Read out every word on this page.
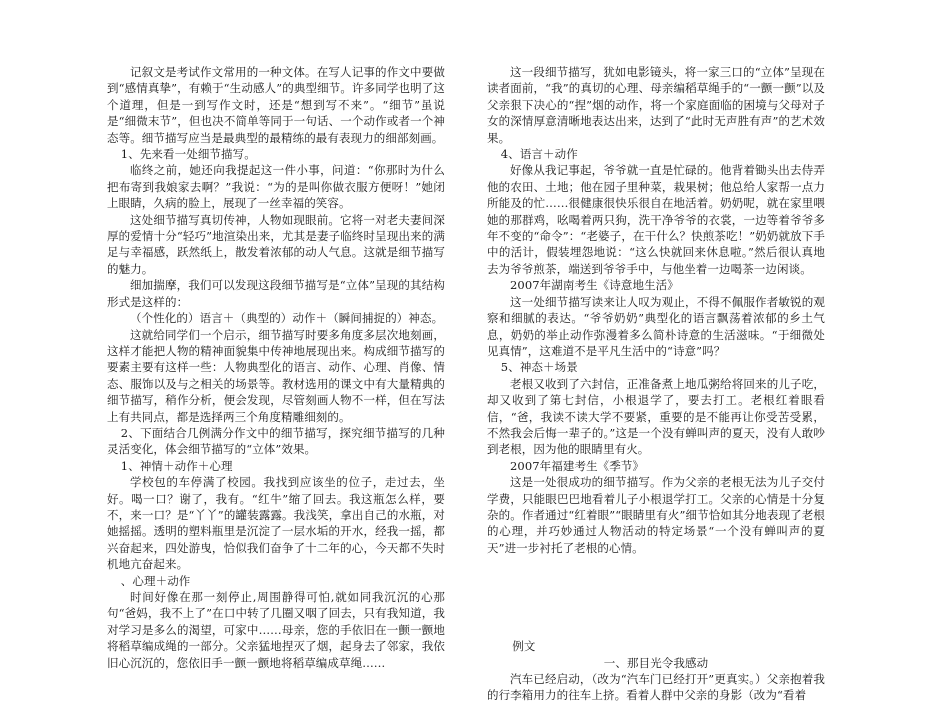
记叙文是考试作文常用的一种文体。在写人记事的作文中要做到“感情真挚”，有赖于“生动感人”的典型细节。许多同学也明了这个道理，但是一到写作文时，还是“想到写不来”。“细节”虽说是“细微末节”，但也决不简单等同于一句话、一个动作或者一个神态等。细节描写应当是最典型的最精练的最有表现力的细部刻画。

1、先来看一处细节描写。

临终之前，她还向我提起这一件小事，问道：“你那时为什么把布寄到我娘家去啊？”我说：“为的是叫你做衣服方便呀！”她闭上眼睛，久病的脸上，展现了一丝幸福的笑容。

这处细节描写真切传神，人物如现眼前。它将一对老夫妻间深厚的爱情十分“轻巧”地渲染出来，尤其是妻子临终时呈现出来的满足与幸福感，跃然纸上，散发着浓郁的动人气息。这就是细节描写的魅力。

细加揣摩，我们可以发现这段细节描写是“立体”呈现的其结构形式是这样的：

（个性化的）语言＋（典型的）动作＋（瞬间捕捉的）神态。

这就给同学们一个启示，细节描写时要多角度多层次地刻画，这样才能把人物的精神面貌集中传神地展现出来。构成细节描写的要素主要有这样一些：人物典型化的语言、动作、心理、肖像、情态、服饰以及与之相关的场景等。教材选用的课文中有大量精典的细节描写，稍作分析，便会发现，尽管刻画人物不一样，但在写法上有共同点，都是选择两三个角度精雕细刻的。

2、下面结合几例满分作文中的细节描写，探究细节描写的几种灵活变化，体会细节描写的“立体”效果。

1、神情＋动作＋心理

学校包的车停满了校园。我找到应该坐的位子，走过去，坐好。喝一口？谢了，我有。“红牛”缩了回去。我这瓶怎么样，要不，来一口？是“丫丫”的罐装露露。我浅笑，拿出自己的水瓶，对她摇摇。透明的塑料瓶里是沉淀了一层水垢的开水，经我一摇，都兴奋起来，四处游曳，恰似我们奋争了十二年的心，今天都不失时机地亢奋起来。

、心理＋动作

时间好像在那一刻停止,周围静得可怕,就如同我沉沉的心那句“爸妈，我不上了”在口中转了几圈又咽了回去，只有我知道，我对学习是多么的渴望，可家中……母亲，您的手依旧在一颤一颤地将稻草编成绳的一部分。父亲猛地捏灭了烟，起身去了邻家，我依旧心沉沉的，您依旧手一颤一颤地将稻草编成草绳……

这一段细节描写，犹如电影镜头，将一家三口的“立体”呈现在读者面前，“我”的真切的心理、母亲编稻草绳手的“一颤一颤”以及父亲狠下决心的“捏”烟的动作，将一个家庭面临的困境与父母对子女的深情厚意清晰地表达出来，达到了“此时无声胜有声”的艺术效果。

4、语言＋动作

好像从我记事起，爷爷就一直是忙碌的。他背着锄头出去侍弄他的农田、土地；他在园子里种菜，栽果树；他总给人家帮一点力所能及的忙……很健康很快乐很自在地活着。奶奶呢，就在家里喂她的那群鸡，吆喝着两只狗，洗干净爷爷的衣裳，一边等着爷爷多年不变的“命令”：“老婆子，在干什么？快煎茶吃！”奶奶就放下手中的活计，假装埋怨地说：“这么快就回来休息啦。”然后很认真地去为爷爷煎茶，端送到爷爷手中，与他坐着一边喝茶一边闲谈。

2007年湖南考生《诗意地生活》

这一处细节描写读来让人叹为观止，不得不佩服作者敏锐的观察和细腻的表达。“爷爷奶奶”典型化的语言飘荡着浓郁的乡土气息，奶奶的举止动作弥漫着多么简朴诗意的生活滋味。“于细微处见真情”，这难道不是平凡生活中的“诗意”吗？

5、神态＋场景

老根又收到了六封信，正准备煮上地瓜粥给将回来的儿子吃，却又收到了第七封信，小根退学了，要去打工。老根红着眼看信，“爸，我读不读大学不要紧，重要的是不能再让你受苦受累，不然我会后悔一辈子的。”这是一个没有蝉叫声的夏天，没有人敢吵到老根，因为他的眼睛里有火。

2007年福建考生《季节》

这是一处很成功的细节描写。作为父亲的老根无法为儿子交付学费，只能眼巴巴地看着儿子小根退学打工。父亲的心情是十分复杂的。作者通过“红着眼”“眼睛里有火”细节恰如其分地表现了老根的心理，并巧妙通过人物活动的特定场景“一个没有蝉叫声的夏天”进一步衬托了老根的心情。

例文

一、那目光令我感动

汽车已经启动，（改为“汽车门已经打开”更真实。）父亲抱着我的行李箱用力的往车上挤。看着人群中父亲的身影（改为“看着
